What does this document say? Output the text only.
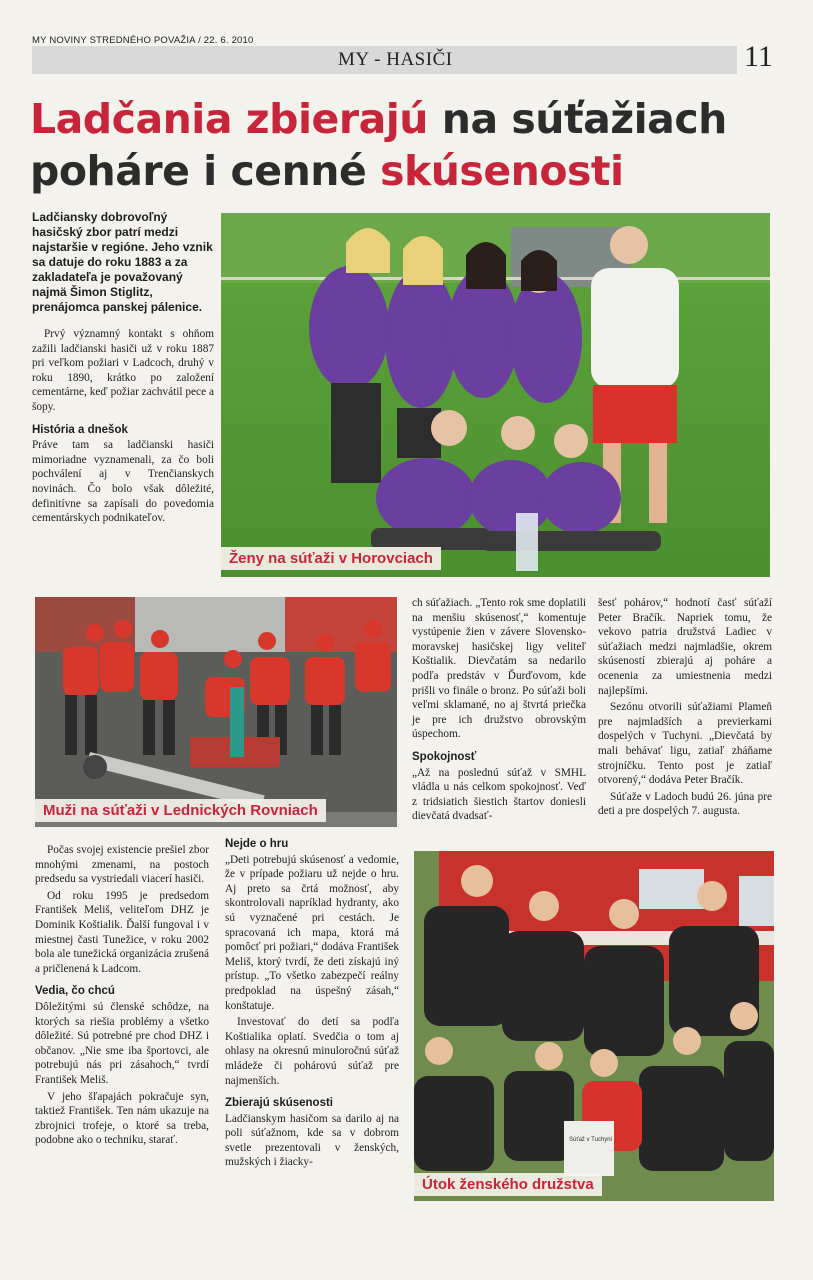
MY NOVINY STREDNÉHO POVAŽIA / 22. 6. 2010
MY - HASIČI	11
Ladčania zbierajú na súťažiach
poháre i cenné skúsenosti
Ladčiansky dobrovoľný hasičský zbor patrí medzi najstaršie v regióne. Jeho vznik sa datuje do roku 1883 a za zakladateľa je považovaný najmä Šimon Stiglitz, prenájomca panskej pálenice.

Prvý významný kontakt s ohňom zažili ladčianski hasiči už v roku 1887 pri veľkom požiari v Ladcoch, druhý v roku 1890, krátko po založení cementárne, keď požiar zachvátil pece a šopy.

História a dnešok

Práve tam sa ladčianski hasiči mimoriadne vyznamenali, za čo boli pochválení aj v Trenčianskych novinách. Čo bolo však dôležité, definitívne sa zapísali do povedomia cementárskych podnikateľov.

Ženy na súťaži v Horovciach
Muži na súťaži v Lednických Rovniach

ch súťažiach. „Tento rok sme doplatili na menšiu skúsenosť,“ komentuje vystúpenie žien v závere Slovensko-moravskej hasičskej ligy veliteľ Koštialik. Dievčatám sa nedarilo podľa predstáv v Ďurďovom, kde prišli vo finále o bronz. Po súťaži boli veľmi sklamané, no aj štvrtá priečka je pre ich družstvo obrovským úspechom.

Spokojnosť

„Až na poslednú súťaž v SMHL vládla u nás celkom spokojnosť. Veď z tridsiatich šiestich štartov doniesli dievčatá dvadsať-

šesť pohárov,“ hodnotí časť súťaží Peter Bračík. Napriek tomu, že vekovo patria družstvá Ladiec v súťažiach medzi najmladšie, okrem skúseností zbierajú aj poháre a ocenenia za umiestnenia medzi najlepšími.

Sezónu otvorili súťažiami Plameň pre najmladších a previerkami dospelých v Tuchyni. „Dievčatá by mali behávať ligu, zatiaľ zháňame strojníčku. Tento post je zatiaľ otvorený,“ dodáva Peter Bračík.

Súťaže v Ladoch budú 26. júna pre deti a pre dospelých 7. augusta.

Počas svojej existencie prešiel zbor mnohými zmenami, na postoch predsedu sa vystriedali viacerí hasiči.

Od roku 1995 je predsedom František Meliš, veliteľom DHZ je Dominik Koštialik. Ďalší fungoval i v miestnej časti Tunežice, v roku 2002 bola ale tunežická organizácia zrušená a pričlenená k Ladcom.

Vedia, čo chcú

Dôležitými sú členské schôdze, na ktorých sa riešia problémy a všetko dôležité. Sú potrebné pre chod DHZ i občanov. „Nie sme iba športovci, ale potrebujú nás pri zásahoch,“ tvrdí František Meliš.

V jeho šľapajách pokračuje syn, taktiež František. Ten nám ukazuje na zbrojnici trofeje, o ktoré sa treba, podobne ako o techniku, starať.

Nejde o hru

„Deti potrebujú skúsenosť a vedomie, že v prípade požiaru už nejde o hru. Aj preto sa črtá možnosť, aby skontrolovali napríklad hydranty, ako sú vyznačené pri cestách. Je spracovaná ich mapa, ktorá má pomôcť pri požiari,“ dodáva František Meliš, ktorý tvrdí, že deti získajú iný prístup. „To všetko zabezpečí reálny predpoklad na úspešný zásah,“ konštatuje.

Investovať do detí sa podľa Koštialika oplatí. Svedčia o tom aj ohlasy na okresnú minuloročnú súťaž mládeže či pohárovú súťaž pre najmenších.

Zbierajú skúsenosti

Ladčianskym hasičom sa darilo aj na poli súťažnom, kde sa v dobrom svetle prezentovali v ženských, mužských i žiacky-

Súťaž v Tuchyni
Útok ženského družstva
